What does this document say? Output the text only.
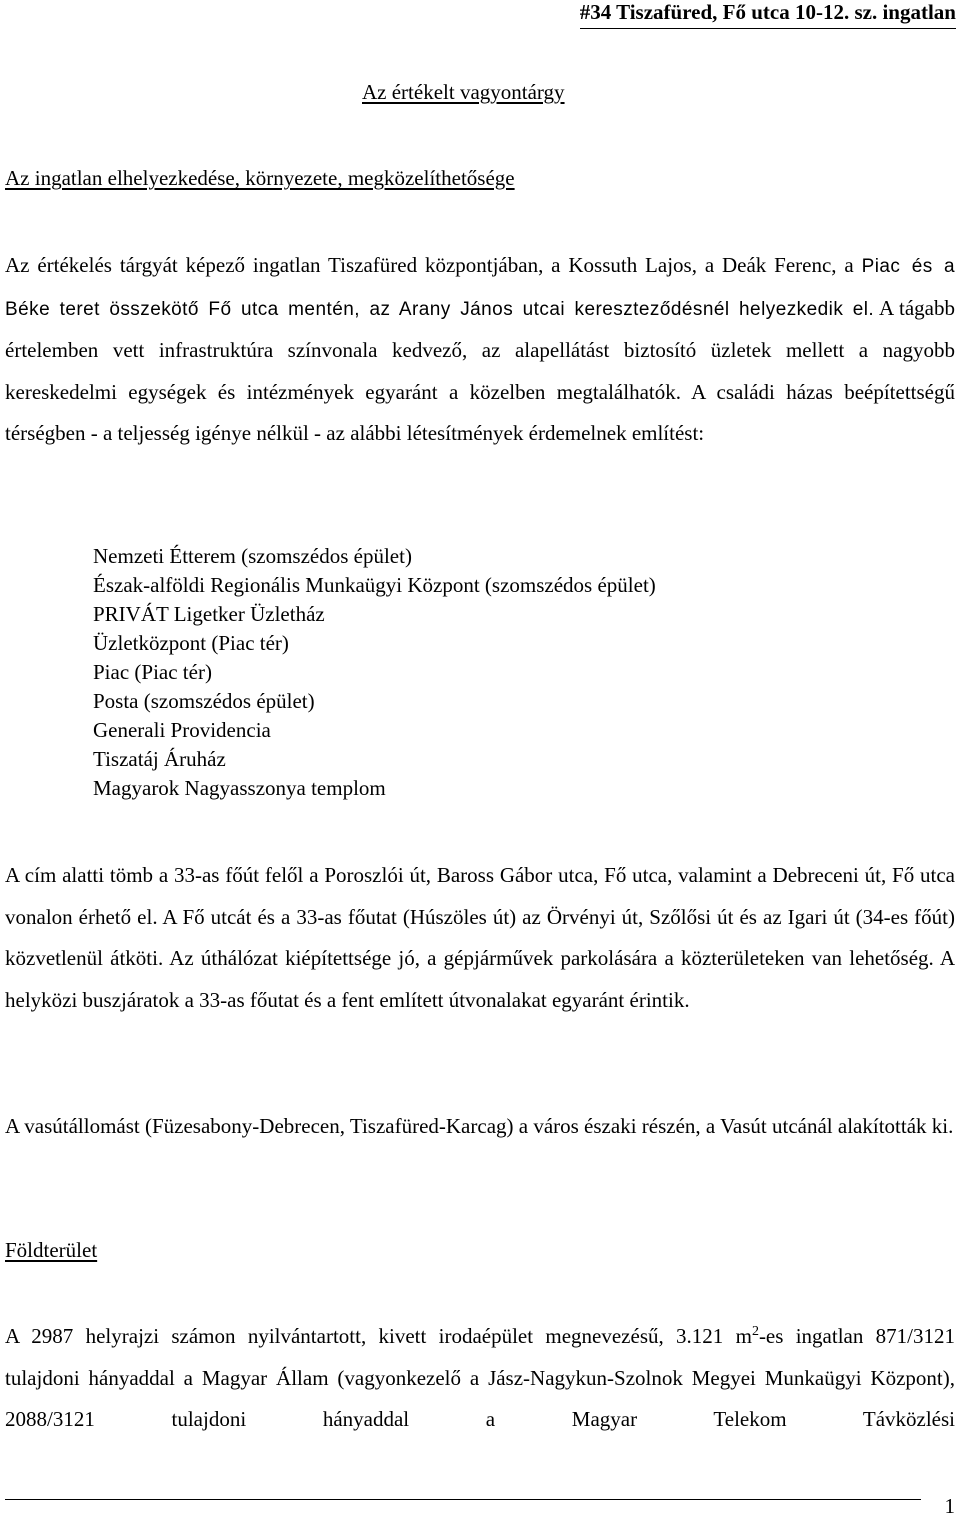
#34 Tiszafüred, Fő utca 10-12. sz. ingatlan
Az értékelt vagyontárgy
Az ingatlan elhelyezkedése, környezete, megközelíthetősége
Az értékelés tárgyát képező ingatlan Tiszafüred központjában, a Kossuth Lajos, a Deák Ferenc, a Piac és a Béke teret összekötő Fő utca mentén, az Arany János utcai kereszteződésnél helyezkedik el. A tágabb értelemben vett infrastruktúra színvonala kedvező, az alapellátást biztosító üzletek mellett a nagyobb kereskedelmi egységek és intézmények egyaránt a közelben megtalálhatók. A családi házas beépítettségű térségben - a teljesség igénye nélkül - az alábbi létesítmények érdemelnek említést:
Nemzeti Étterem (szomszédos épület)
Észak-alföldi Regionális Munkaügyi Központ (szomszédos épület)
PRIVÁT Ligetker Üzletház
Üzletközpont (Piac tér)
Piac (Piac tér)
Posta (szomszédos épület)
Generali Providencia
Tiszatáj Áruház
Magyarok Nagyasszonya templom
A cím alatti tömb a 33-as főút felől a Poroszlói út, Baross Gábor utca, Fő utca, valamint a Debreceni út, Fő utca vonalon érhető el. A Fő utcát és a 33-as főutat (Húszöles út) az Örvényi út, Szőlősi út és az Igari út (34-es főút) közvetlenül átköti. Az úthálózat kiépítettsége jó, a gépjárművek parkolására a közterületeken van lehetőség. A helyközi buszjáratok a 33-as főutat és a fent említett útvonalakat egyaránt érintik.
A vasútállomást (Füzesabony-Debrecen, Tiszafüred-Karcag) a város északi részén, a Vasút utcánál alakították ki.
Földterület
A 2987 helyrajzi számon nyilvántartott, kivett irodaépület megnevezésű, 3.121 $m^2-es$ ingatlan 871/3121 tulajdoni hányaddal a Magyar Állam (vagyonkezelő a Jász-Nagykun-Szolnok Megyei Munkaügyi Központ), 2088/3121 tulajdoni hányaddal a Magyar Telekom Távközlési
1
